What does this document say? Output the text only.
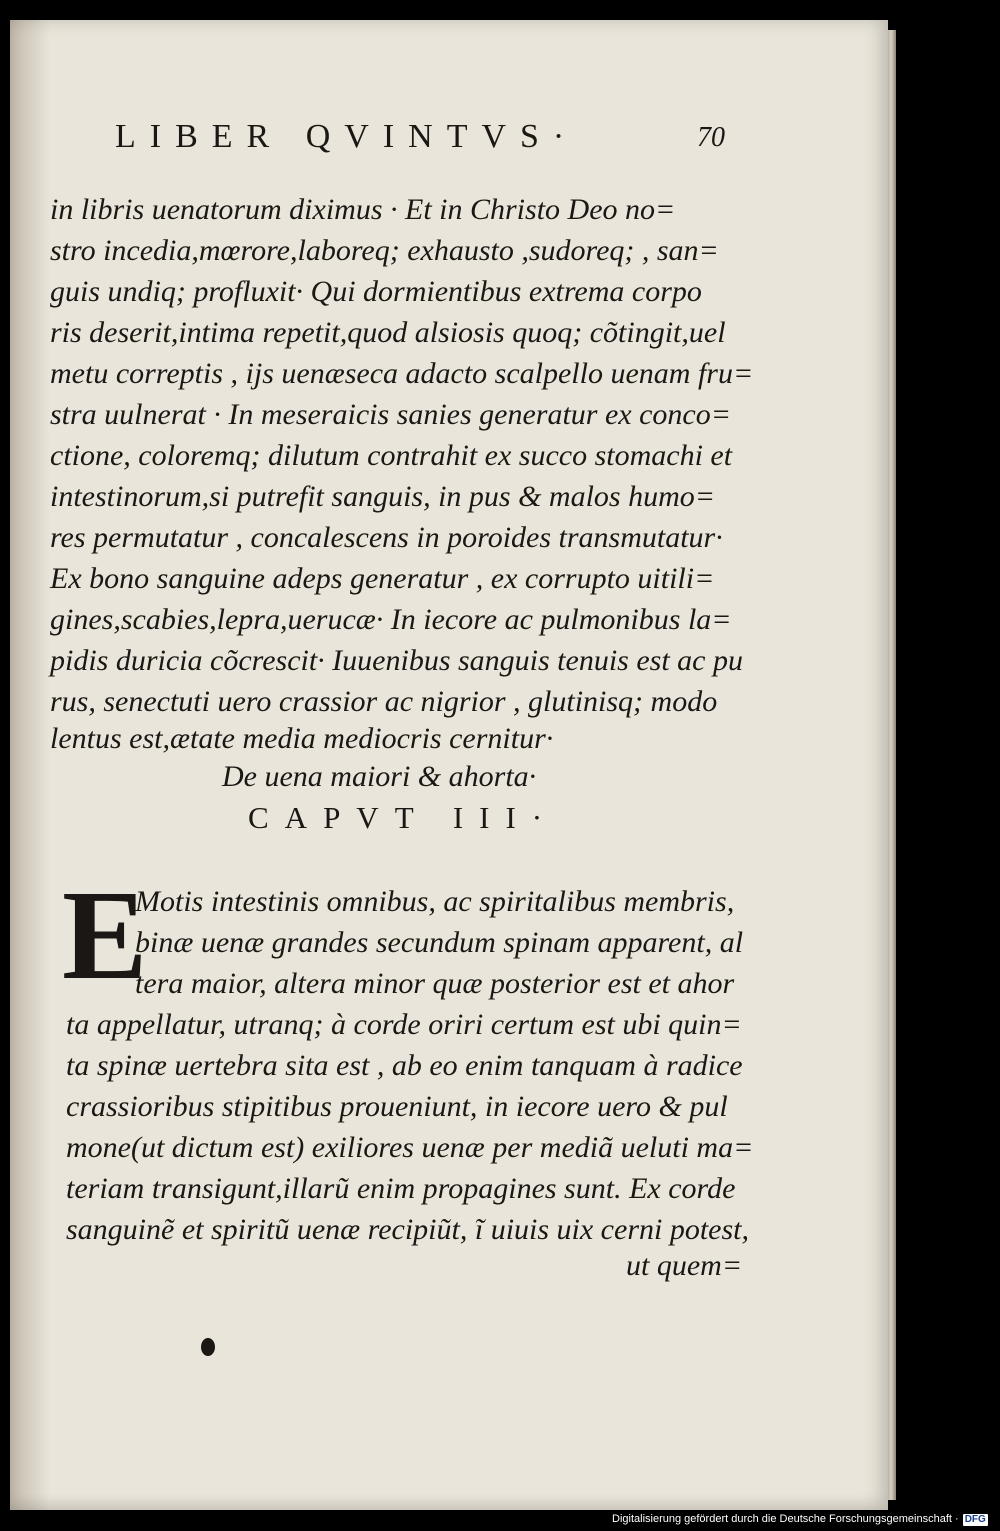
LIBER QVINTVS·	70
in libris uenatorum diximus · Et in Christo Deo no=
stro incedia,mœrore,laboreq; exhausto ,sudoreq; , san=
guis undiq; profluxit· Qui dormientibus extrema corpo
ris deserit,intima repetit,quod alsiosis quoq; cõtingit,uel
metu correptis , ijs uenæseca adacto scalpello uenam fru=
stra uulnerat · In meseraicis sanies generatur ex conco=
ctione, coloremq; dilutum contrahit ex succo stomachi et
intestinorum,si putrefit sanguis, in pus & malos humo=
res permutatur , concalescens in poroides transmutatur·
Ex bono sanguine adeps generatur , ex corrupto uitili=
gines,scabies,lepra,uerucæ· In iecore ac pulmonibus la=
pidis duricia cõcrescit· Iuuenibus sanguis tenuis est ac pu
rus, senectuti uero crassior ac nigrior , glutinisq; modo
lentus est,ætate media mediocris cernitur·
De uena maiori & ahorta·
CAPVT III·
E
Motis intestinis omnibus, ac spiritalibus membris,
binæ uenæ grandes secundum spinam apparent, al
tera maior, altera minor quæ posterior est et ahor
ta appellatur, utranq; à corde oriri certum est ubi quin=
ta spinæ uertebra sita est , ab eo enim tanquam à radice
crassioribus stipitibus proueniunt, in iecore uero & pul
mone(ut dictum est) exiliores uenæ per mediã ueluti ma=
teriam transigunt,illarũ enim propagines sunt. Ex corde
sanguinẽ et spiritũ uenæ recipiũt, ĩ uiuis uix cerni potest,
ut quem=
Digitalisierung gefördert durch die Deutsche Forschungsgemeinschaft · DFG
